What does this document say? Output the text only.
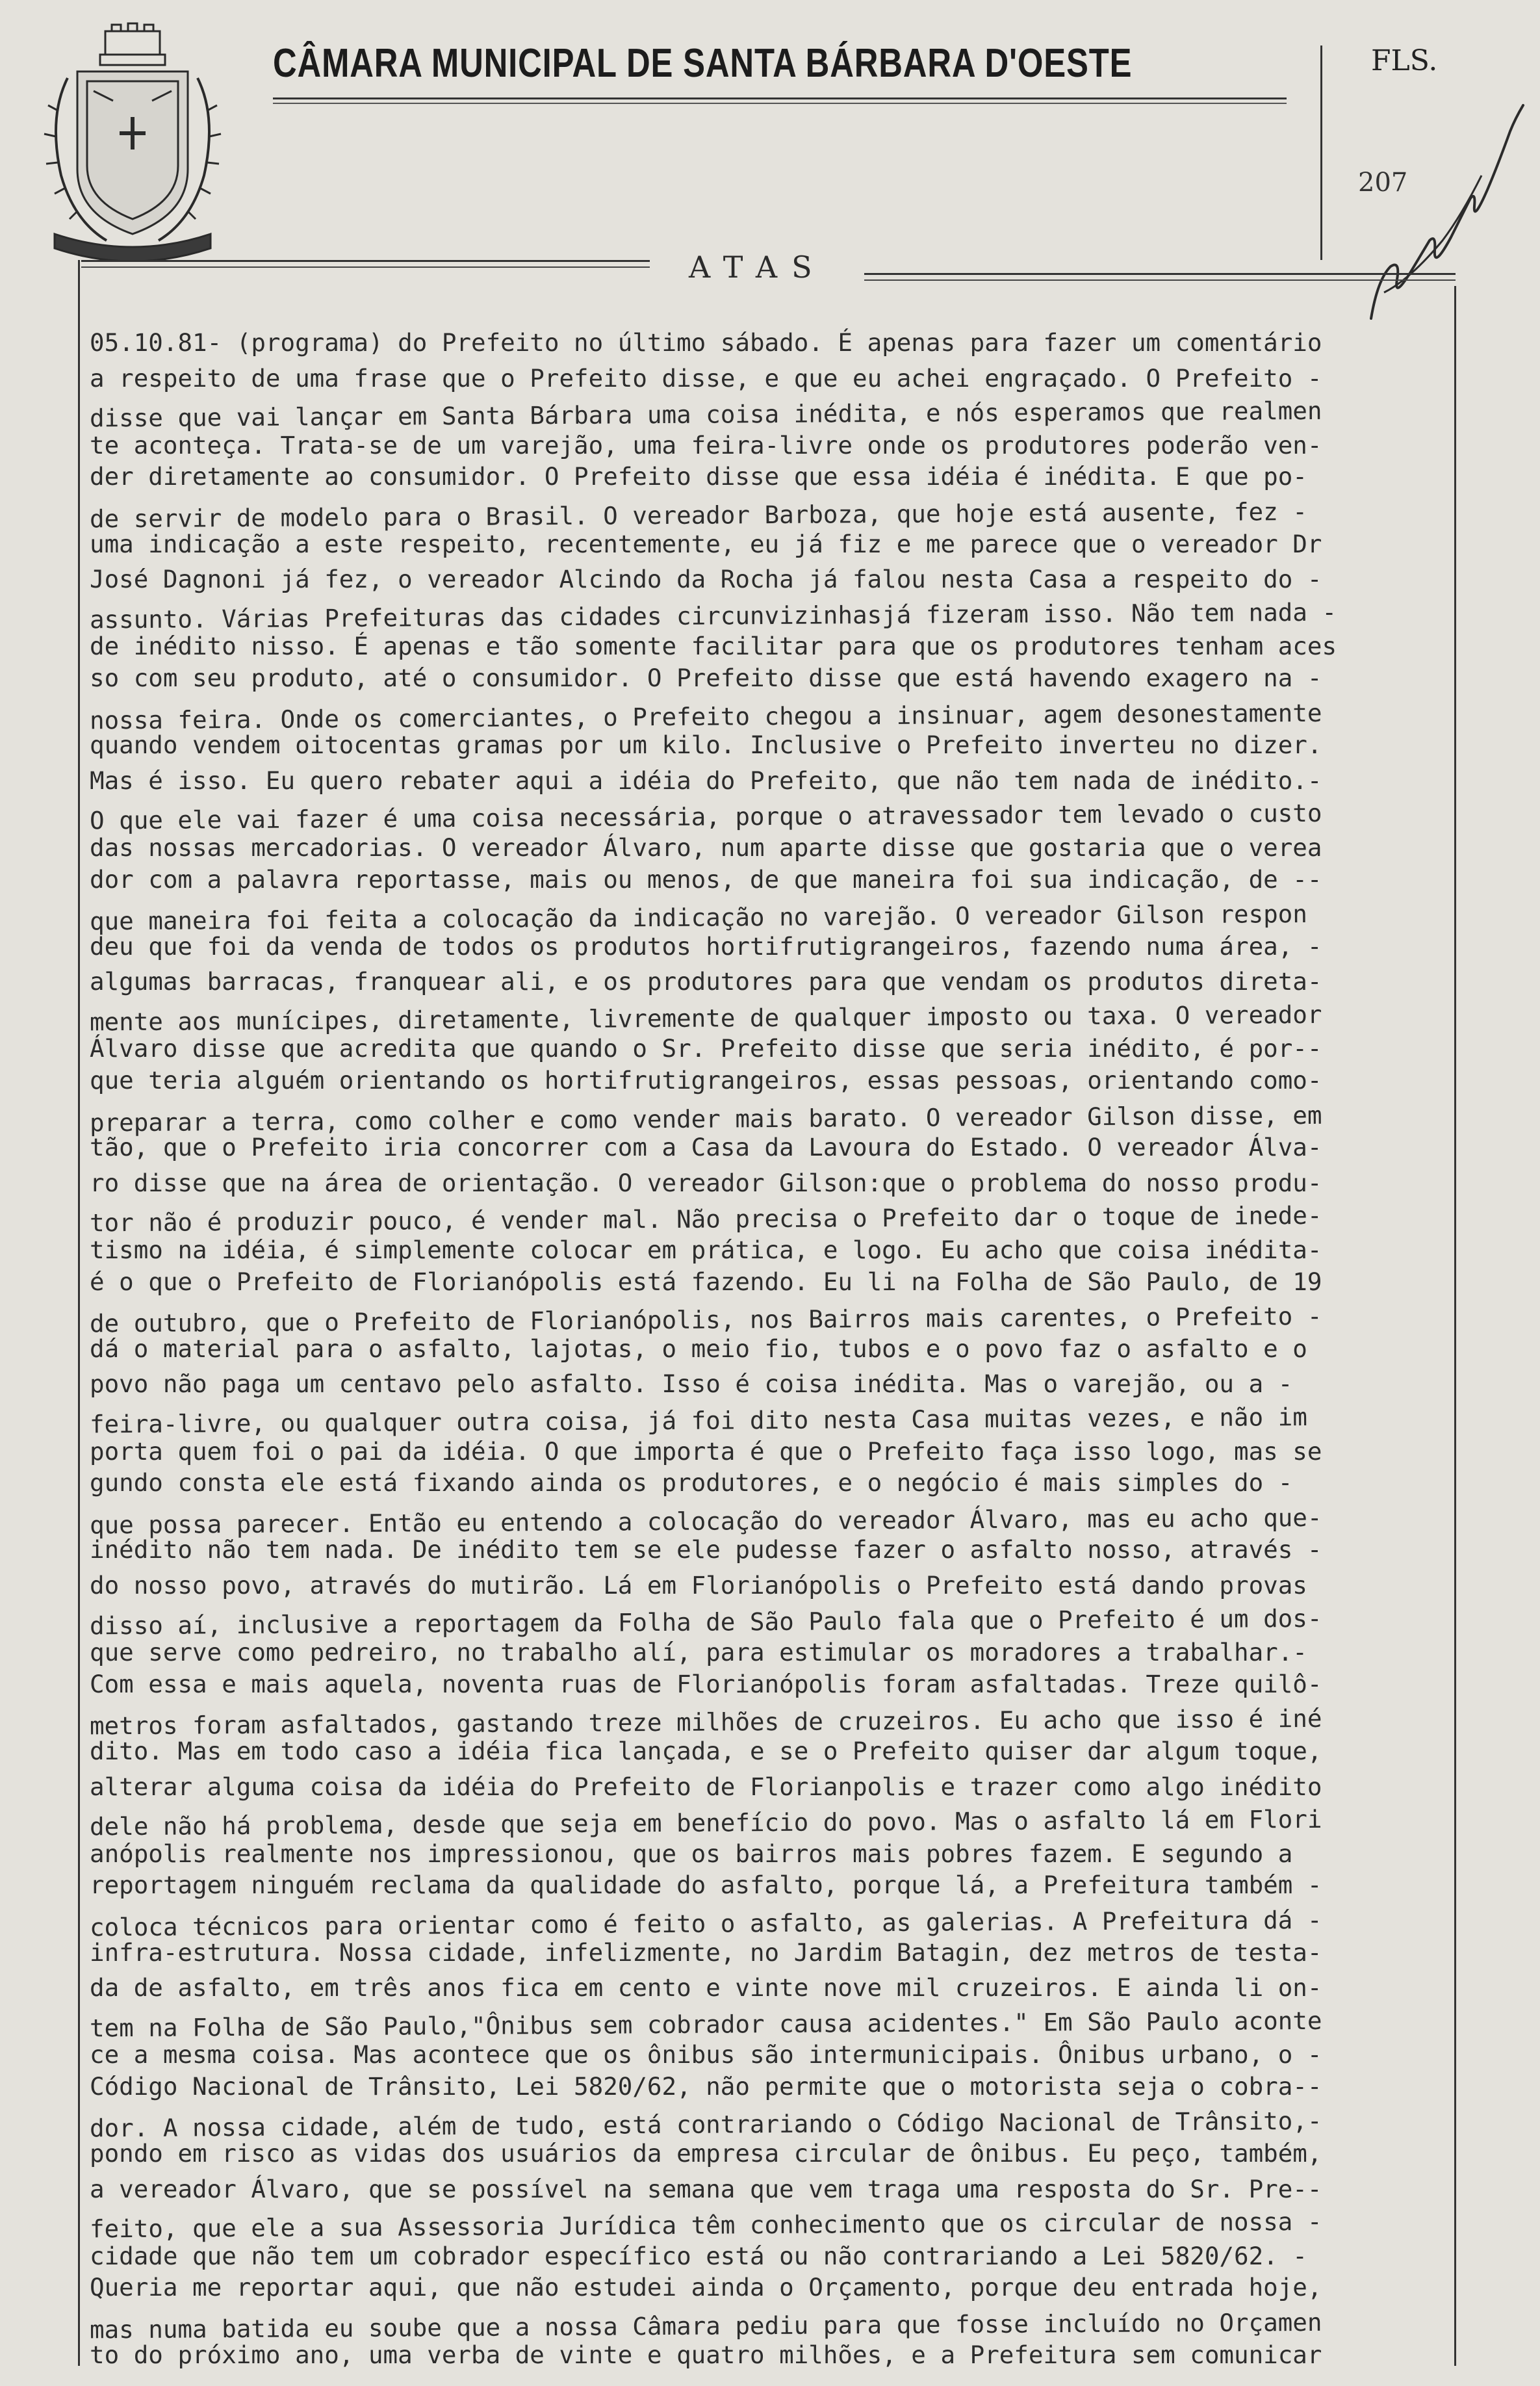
CÂMARA MUNICIPAL DE SANTA BÁRBARA D'OESTE	FLS.
207
ATAS
05.10.81- (programa) do Prefeito no último sábado. É apenas para fazer um comentário
a respeito de uma frase que o Prefeito disse, e que eu achei engraçado. O Prefeito -
disse que vai lançar em Santa Bárbara uma coisa inédita, e nós esperamos que realmen
te aconteça. Trata-se de um varejão, uma feira-livre onde os produtores poderão ven-
der diretamente ao consumidor. O Prefeito disse que essa idéia é inédita. E que po-
de servir de modelo para o Brasil. O vereador Barboza, que hoje está ausente, fez -
uma indicação a este respeito, recentemente, eu já fiz e me parece que o vereador Dr
José Dagnoni já fez, o vereador Alcindo da Rocha já falou nesta Casa a respeito do -
assunto. Várias Prefeituras das cidades circunvizinhasjá fizeram isso. Não tem nada -
de inédito nisso. É apenas e tão somente facilitar para que os produtores tenham aces
so com seu produto, até o consumidor. O Prefeito disse que está havendo exagero na -
nossa feira. Onde os comerciantes, o Prefeito chegou a insinuar, agem desonestamente
quando vendem oitocentas gramas por um kilo. Inclusive o Prefeito inverteu no dizer.
Mas é isso. Eu quero rebater aqui a idéia do Prefeito, que não tem nada de inédito.-
O que ele vai fazer é uma coisa necessária, porque o atravessador tem levado o custo
das nossas mercadorias. O vereador Álvaro, num aparte disse que gostaria que o verea
dor com a palavra reportasse, mais ou menos, de que maneira foi sua indicação, de --
que maneira foi feita a colocação da indicação no varejão. O vereador Gilson respon
deu que foi da venda de todos os produtos hortifrutigrangeiros, fazendo numa área, -
algumas barracas, franquear ali, e os produtores para que vendam os produtos direta-
mente aos munícipes, diretamente, livremente de qualquer imposto ou taxa. O vereador
Álvaro disse que acredita que quando o Sr. Prefeito disse que seria inédito, é por--
que teria alguém orientando os hortifrutigrangeiros, essas pessoas, orientando como-
preparar a terra, como colher e como vender mais barato. O vereador Gilson disse, em
tão, que o Prefeito iria concorrer com a Casa da Lavoura do Estado. O vereador Álva-
ro disse que na área de orientação. O vereador Gilson:que o problema do nosso produ-
tor não é produzir pouco, é vender mal. Não precisa o Prefeito dar o toque de inede-
tismo na idéia, é simplemente colocar em prática, e logo. Eu acho que coisa inédita-
é o que o Prefeito de Florianópolis está fazendo. Eu li na Folha de São Paulo, de 19
de outubro, que o Prefeito de Florianópolis, nos Bairros mais carentes, o Prefeito -
dá o material para o asfalto, lajotas, o meio fio, tubos e o povo faz o asfalto e o
povo não paga um centavo pelo asfalto. Isso é coisa inédita. Mas o varejão, ou a -
feira-livre, ou qualquer outra coisa, já foi dito nesta Casa muitas vezes, e não im
porta quem foi o pai da idéia. O que importa é que o Prefeito faça isso logo, mas se
gundo consta ele está fixando ainda os produtores, e o negócio é mais simples do -
que possa parecer. Então eu entendo a colocação do vereador Álvaro, mas eu acho que-
inédito não tem nada. De inédito tem se ele pudesse fazer o asfalto nosso, através -
do nosso povo, através do mutirão. Lá em Florianópolis o Prefeito está dando provas
disso aí, inclusive a reportagem da Folha de São Paulo fala que o Prefeito é um dos-
que serve como pedreiro, no trabalho alí, para estimular os moradores a trabalhar.-
Com essa e mais aquela, noventa ruas de Florianópolis foram asfaltadas. Treze quilô-
metros foram asfaltados, gastando treze milhões de cruzeiros. Eu acho que isso é iné
dito. Mas em todo caso a idéia fica lançada, e se o Prefeito quiser dar algum toque,
alterar alguma coisa da idéia do Prefeito de Florianpolis e trazer como algo inédito
dele não há problema, desde que seja em benefício do povo. Mas o asfalto lá em Flori
anópolis realmente nos impressionou, que os bairros mais pobres fazem. E segundo a
reportagem ninguém reclama da qualidade do asfalto, porque lá, a Prefeitura também -
coloca técnicos para orientar como é feito o asfalto, as galerias. A Prefeitura dá -
infra-estrutura. Nossa cidade, infelizmente, no Jardim Batagin, dez metros de testa-
da de asfalto, em três anos fica em cento e vinte nove mil cruzeiros. E ainda li on-
tem na Folha de São Paulo,"Ônibus sem cobrador causa acidentes." Em São Paulo aconte
ce a mesma coisa. Mas acontece que os ônibus são intermunicipais. Ônibus urbano, o -
Código Nacional de Trânsito, Lei 5820/62, não permite que o motorista seja o cobra--
dor. A nossa cidade, além de tudo, está contrariando o Código Nacional de Trânsito,-
pondo em risco as vidas dos usuários da empresa circular de ônibus. Eu peço, também,
a vereador Álvaro, que se possível na semana que vem traga uma resposta do Sr. Pre--
feito, que ele a sua Assessoria Jurídica têm conhecimento que os circular de nossa -
cidade que não tem um cobrador específico está ou não contrariando a Lei 5820/62. -
Queria me reportar aqui, que não estudei ainda o Orçamento, porque deu entrada hoje,
mas numa batida eu soube que a nossa Câmara pediu para que fosse incluído no Orçamen
to do próximo ano, uma verba de vinte e quatro milhões, e a Prefeitura sem comunicar
